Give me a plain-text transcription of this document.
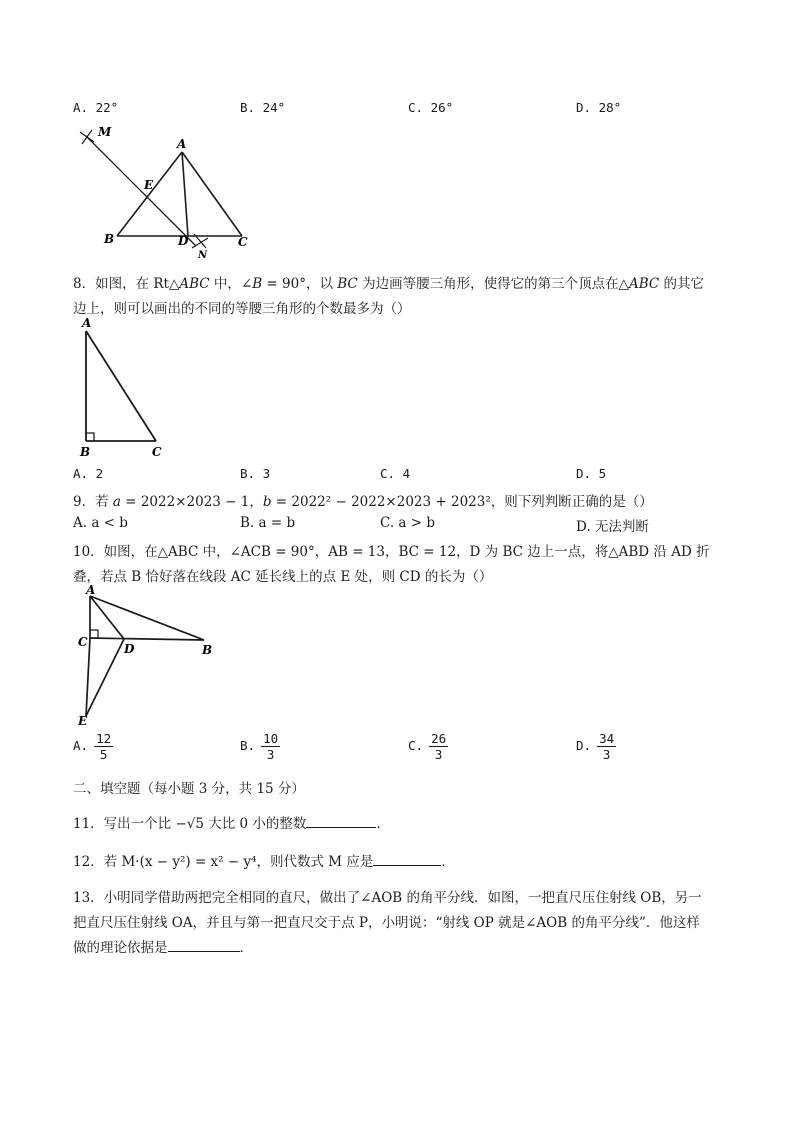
A. 22°	B. 24°	C. 26°	D. 28°
M
A
E
B	D
N
C
8．如图，在 Rt△ABC 中，∠B = 90°，以 BC 为边画等腰三角形，使得它的第三个顶点在△ABC 的其它
边上，则可以画出的不同的等腰三角形的个数最多为（）
A
B	C
A. 2	B. 3	C. 4	D. 5
9．若 a = 2022×2023 − 1，b = 2022² − 2022×2023 + 2023²，则下列判断正确的是（）
A. a < b	B. a = b	C. a > b	D. 无法判断
10．如图，在△ABC 中，∠ACB = 90°，AB = 13，BC = 12，D 为 BC 边上一点，将△ABD 沿 AD 折
叠，若点 B 恰好落在线段 AC 延长线上的点 E 处，则 CD 的长为（）
A
C	D	B
E
A. $\frac{12}{5}$	B. $\frac{10}{3}$	C. $\frac{26}{3}$	D. $\frac{34}{3}$
二、填空题（每小题 3 分，共 15 分）
11．写出一个比 −√5 大比 0 小的整数	．
12．若 M·(x − y²) = x² − y⁴，则代数式 M 应是	．
13．小明同学借助两把完全相同的直尺，做出了∠AOB 的角平分线．如图，一把直尺压住射线 OB，另一
把直尺压住射线 OA，并且与第一把直尺交于点 P，小明说：“射线 OP 就是∠AOB 的角平分线”．他这样
做的理论依据是	．
